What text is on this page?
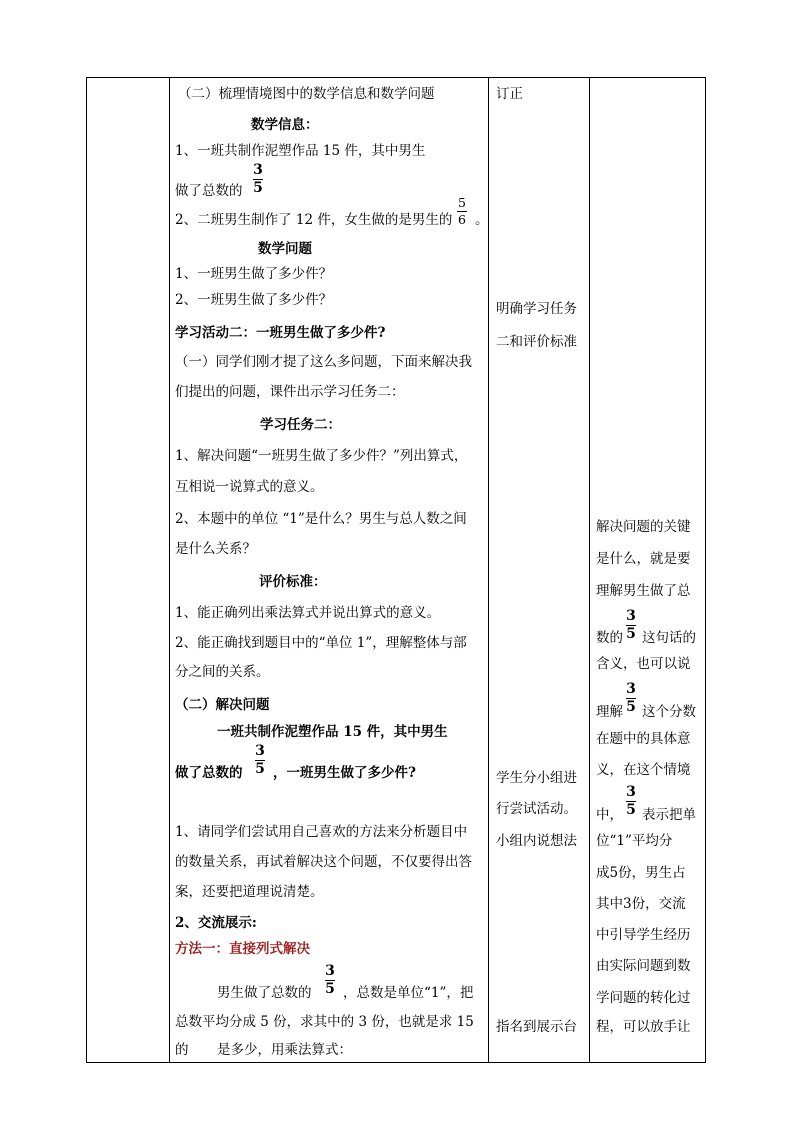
（二）梳理情境图中的数学信息和数学问题
数学信息：
1、一班共制作泥塑作品 15 件，其中男生
做了总数的
3
5
2、二班男生制作了 12 件，女生做的是男生的
5
6 。
数学问题
1、一班男生做了多少件？
2、一班男生做了多少件？
学习活动二：一班男生做了多少件?
（一）同学们刚才提了这么多问题，下面来解决我
们提出的问题，课件出示学习任务二：
学习任务二：
1、解决问题“一班男生做了多少件？”列出算式，
互相说一说算式的意义。
2、本题中的单位 “1”是什么？男生与总人数之间
是什么关系？
评价标准：
1、能正确列出乘法算式并说出算式的意义。
2、能正确找到题目中的“单位 1”，理解整体与部
分之间的关系。
（二）解决问题
一班共制作泥塑作品 15 件，其中男生
做了总数的
3
5 ，一班男生做了多少件?
1、请同学们尝试用自己喜欢的方法来分析题目中
的数量关系，再试着解决这个问题，不仅要得出答
案，还要把道理说清楚。
2、交流展示:
方法一：直接列式解决
男生做了总数的
3
5 ，总数是单位“1”，把
总数平均分成 5 份，求其中的 3 份，也就是求 15
的 是多少，用乘法算式：
订正
明确学习任务
二和评价标准
学生分小组进
行尝试活动。
小组内说想法
指名到展示台
解决问题的关键
是什么，就是要
理解男生做了总
数的
3
5 这句话的
含义，也可以说
理解
3
5 这个分数
在题中的具体意
义，在这个情境
中，
3
5 表示把单
位“1”平均分
成5份，男生占
其中3份，交流
中引导学生经历
由实际问题到数
学问题的转化过
程，可以放手让
